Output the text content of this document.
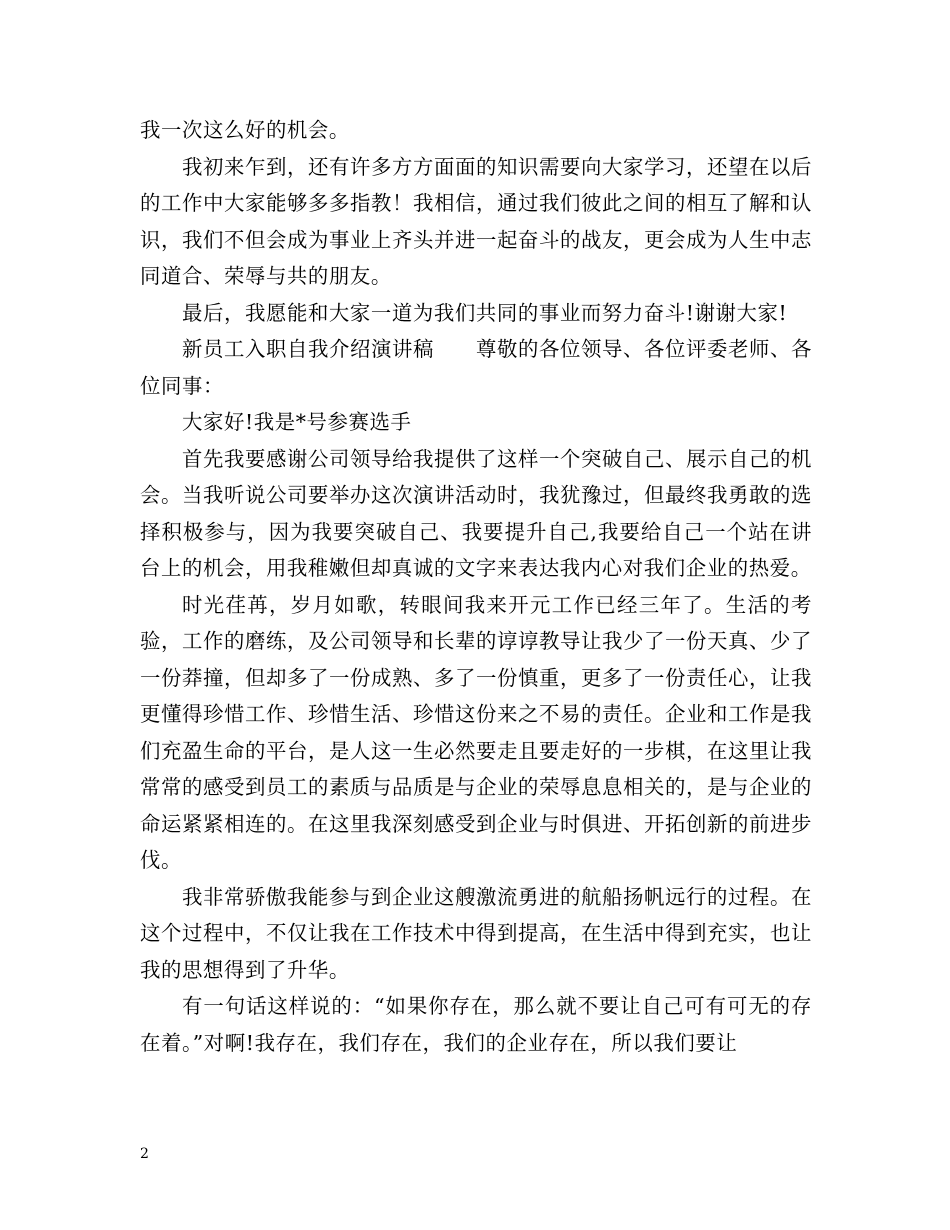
我一次这么好的机会。

我初来乍到，还有许多方方面面的知识需要向大家学习，还望在以后的工作中大家能够多多指教！我相信，通过我们彼此之间的相互了解和认识，我们不但会成为事业上齐头并进一起奋斗的战友，更会成为人生中志同道合、荣辱与共的朋友。

最后，我愿能和大家一道为我们共同的事业而努力奋斗!谢谢大家!

新员工入职自我介绍演讲稿　　尊敬的各位领导、各位评委老师、各位同事：

大家好!我是*号参赛选手

首先我要感谢公司领导给我提供了这样一个突破自己、展示自己的机会。当我听说公司要举办这次演讲活动时，我犹豫过，但最终我勇敢的选择积极参与，因为我要突破自己、我要提升自己,我要给自己一个站在讲台上的机会，用我稚嫩但却真诚的文字来表达我内心对我们企业的热爱。

时光荏苒，岁月如歌，转眼间我来开元工作已经三年了。生活的考验，工作的磨练，及公司领导和长辈的谆谆教导让我少了一份天真、少了一份莽撞，但却多了一份成熟、多了一份慎重，更多了一份责任心，让我更懂得珍惜工作、珍惜生活、珍惜这份来之不易的责任。企业和工作是我们充盈生命的平台，是人这一生必然要走且要走好的一步棋，在这里让我常常的感受到员工的素质与品质是与企业的荣辱息息相关的，是与企业的命运紧紧相连的。在这里我深刻感受到企业与时俱进、开拓创新的前进步伐。

我非常骄傲我能参与到企业这艘激流勇进的航船扬帆远行的过程。在这个过程中，不仅让我在工作技术中得到提高，在生活中得到充实，也让我的思想得到了升华。

有一句话这样说的：“如果你存在，那么就不要让自己可有可无的存在着。”对啊!我存在，我们存在，我们的企业存在，所以我们要让

2
